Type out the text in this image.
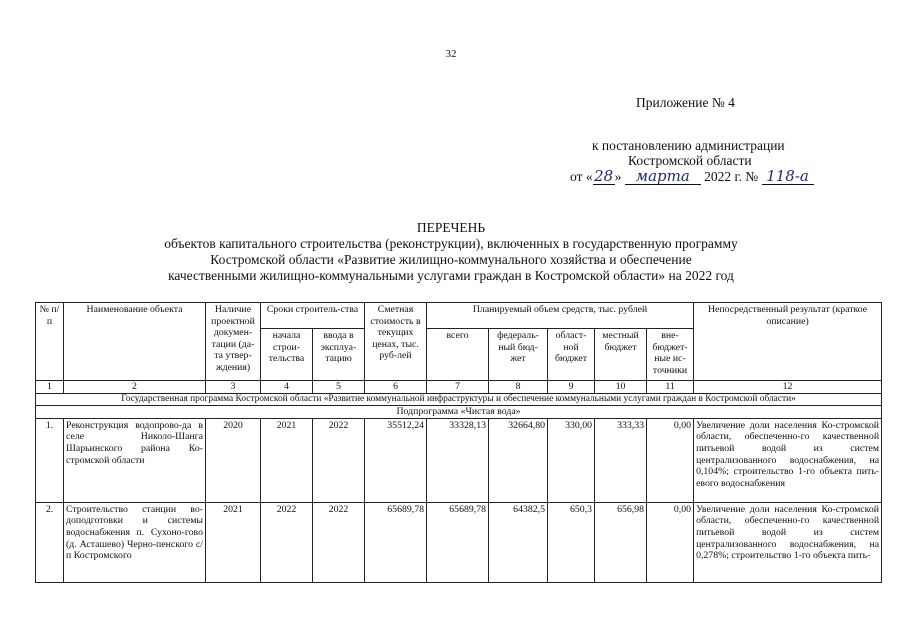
32
Приложение № 4
к постановлению администрации
Костромской области
от «28» марта 2022 г. № 118-а
ПЕРЕЧЕНЬ
объектов капитального строительства (реконструкции), включенных в государственную программу
Костромской области «Развитие жилищно-коммунального хозяйства и обеспечение
качественными жилищно-коммунальными услугами граждан в Костромской области» на 2022 год
№ п/п	Наименование объекта	Наличие проектной докумен-тации (да-та утвер-ждения)	Сроки строитель-ства		Сметная стоимость в текущих ценах, тыс. руб-лей	Планируемый объем средств, тыс. рублей					Непосредственный результат (краткое описание)
			начала строи-тельства	ввода в эксплуа-тацию		всего	федераль-ный бюд-жет	област-ной бюджет	местный бюджет	вне-бюджет-ные ис-точники	
1	2	3	4	5	6	7	8	9	10	11	12
Государственная программа Костромской области «Развитие коммунальной инфраструктуры и обеспечение коммунальными услугами граждан в Костромской области»											
Подпрограмма «Чистая вода»											
1.	Реконструкция водопрово-да в селе Николо-Шанга Шарьинского района Ко-стромской области	2020	2021	2022	35512,24	33328,13	32664,80	330,00	333,33	0,00	Увеличение доли населения Ко-стромской области, обеспеченно-го качественной питьевой водой из систем централизованного водоснабжения, на 0,104%; строительство 1-го объекта пить-евого водоснабжения
2.	Строительство станции во-доподготовки и системы водоснабжения п. Сухоно-гово (д. Асташево) Черно-пенского с/п Костромского	2021	2022	2022	65689,78	65689,78	64382,5	650,3	656,98	0,00	Увеличение доли населения Ко-стромской области, обеспеченно-го качественной питьевой водой из систем централизованного водоснабжения, на 0,278%; строительство 1-го объекта пить-
